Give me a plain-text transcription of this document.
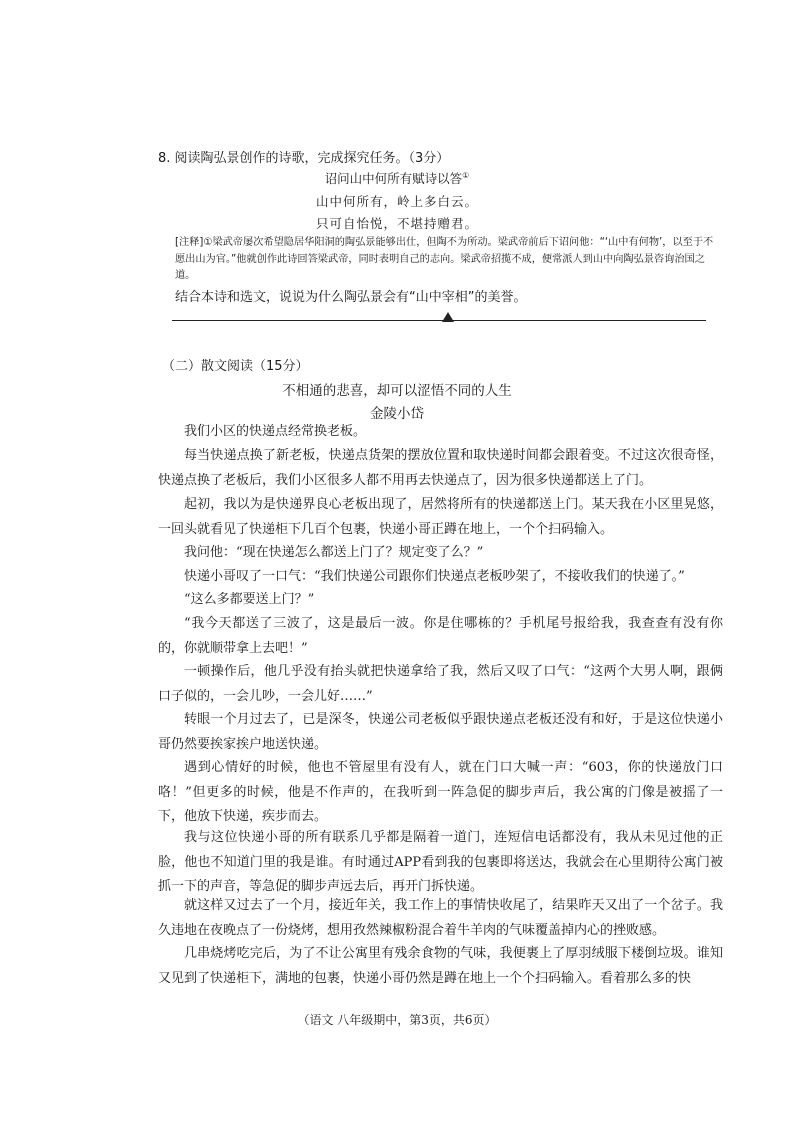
8. 阅读陶弘景创作的诗歌，完成探究任务。（3分）
诏问山中何所有赋诗以答①
山中何所有，岭上多白云。
只可自怡悦，不堪持赠君。
[注释]①梁武帝屡次希望隐居华阳洞的陶弘景能够出仕，但陶不为所动。梁武帝前后下诏问他：“‘山中有何物’，以至于不愿出山为官。”他就创作此诗回答梁武帝，同时表明自己的志向。梁武帝招揽不成，便常派人到山中向陶弘景咨询治国之道。
结合本诗和选文，说说为什么陶弘景会有“山中宰相”的美誉。
（二）散文阅读（15分）
不相通的悲喜，却可以涩悟不同的人生
金陵小岱
我们小区的快递点经常换老板。
每当快递点换了新老板，快递点货架的摆放位置和取快递时间都会跟着变。不过这次很奇怪，快递点换了老板后，我们小区很多人都不用再去快递点了，因为很多快递都送上了门。
起初，我以为是快递界良心老板出现了，居然将所有的快递都送上门。某天我在小区里晃悠，一回头就看见了快递柜下几百个包裹，快递小哥正蹲在地上，一个个扫码输入。
我问他：“现在快递怎么都送上门了？规定变了么？”
快递小哥叹了一口气：“我们快递公司跟你们快递点老板吵架了，不接收我们的快递了。”
“这么多都要送上门？”
“我今天都送了三波了，这是最后一波。你是住哪栋的？手机尾号报给我，我查查有没有你的，你就顺带拿上去吧！”
一顿操作后，他几乎没有抬头就把快递拿给了我，然后又叹了口气：“这两个大男人啊，跟俩口子似的，一会儿吵，一会儿好……”
转眼一个月过去了，已是深冬，快递公司老板似乎跟快递点老板还没有和好，于是这位快递小哥仍然要挨家挨户地送快递。
遇到心情好的时候，他也不管屋里有没有人，就在门口大喊一声：“603，你的快递放门口咯！”但更多的时候，他是不作声的，在我听到一阵急促的脚步声后，我公寓的门像是被摇了一下，他放下快递，疾步而去。
我与这位快递小哥的所有联系几乎都是隔着一道门，连短信电话都没有，我从未见过他的正脸，他也不知道门里的我是谁。有时通过APP看到我的包裹即将送达，我就会在心里期待公寓门被抓一下的声音，等急促的脚步声远去后，再开门拆快递。
就这样又过去了一个月，接近年关，我工作上的事情快收尾了，结果昨天又出了一个岔子。我久违地在夜晚点了一份烧烤，想用孜然辣椒粉混合着牛羊肉的气味覆盖掉内心的挫败感。
几串烧烤吃完后，为了不让公寓里有残余食物的气味，我便裹上了厚羽绒服下楼倒垃圾。谁知又见到了快递柜下，满地的包裹，快递小哥仍然是蹲在地上一个个扫码输入。看着那么多的快
（语文 八年级期中，第3页，共6页）
